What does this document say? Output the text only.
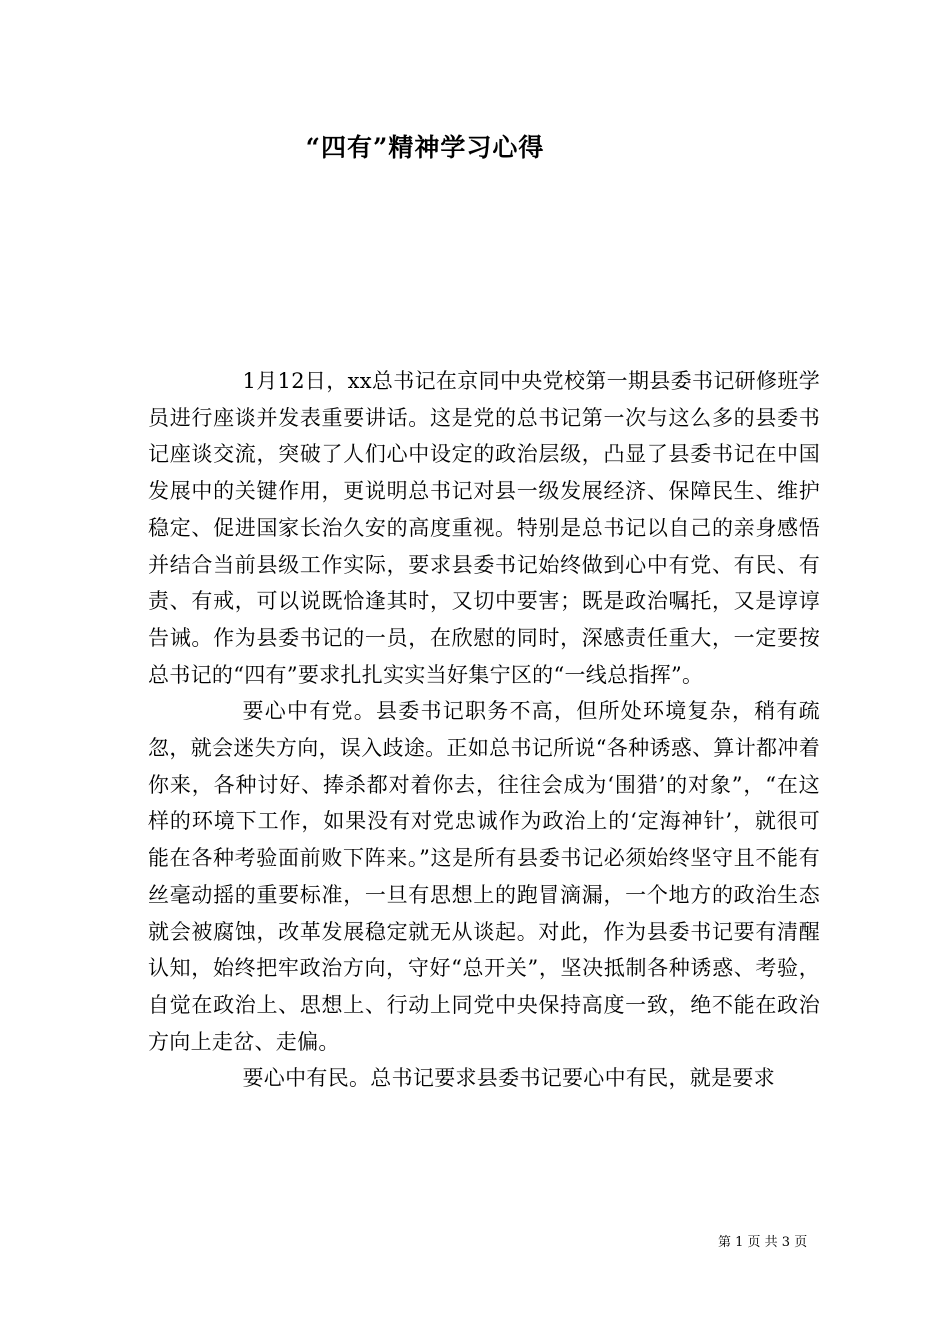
“四有”精神学习心得

1月12日，xx总书记在京同中央党校第一期县委书记研修班学员进行座谈并发表重要讲话。这是党的总书记第一次与这么多的县委书记座谈交流，突破了人们心中设定的政治层级，凸显了县委书记在中国发展中的关键作用，更说明总书记对县一级发展经济、保障民生、维护稳定、促进国家长治久安的高度重视。特别是总书记以自己的亲身感悟并结合当前县级工作实际，要求县委书记始终做到心中有党、有民、有责、有戒，可以说既恰逢其时，又切中要害；既是政治嘱托，又是谆谆告诫。作为县委书记的一员，在欣慰的同时，深感责任重大，一定要按总书记的“四有”要求扎扎实实当好集宁区的“一线总指挥”。

要心中有党。县委书记职务不高，但所处环境复杂，稍有疏忽，就会迷失方向，误入歧途。正如总书记所说“各种诱惑、算计都冲着你来，各种讨好、捧杀都对着你去，往往会成为‘围猎’的对象”，“在这样的环境下工作，如果没有对党忠诚作为政治上的‘定海神针’，就很可能在各种考验面前败下阵来。”这是所有县委书记必须始终坚守且不能有丝毫动摇的重要标准，一旦有思想上的跑冒滴漏，一个地方的政治生态就会被腐蚀，改革发展稳定就无从谈起。对此，作为县委书记要有清醒认知，始终把牢政治方向，守好“总开关”，坚决抵制各种诱惑、考验，自觉在政治上、思想上、行动上同党中央保持高度一致，绝不能在政治方向上走岔、走偏。

要心中有民。总书记要求县委书记要心中有民，就是要求

第 1 页 共 3 页
